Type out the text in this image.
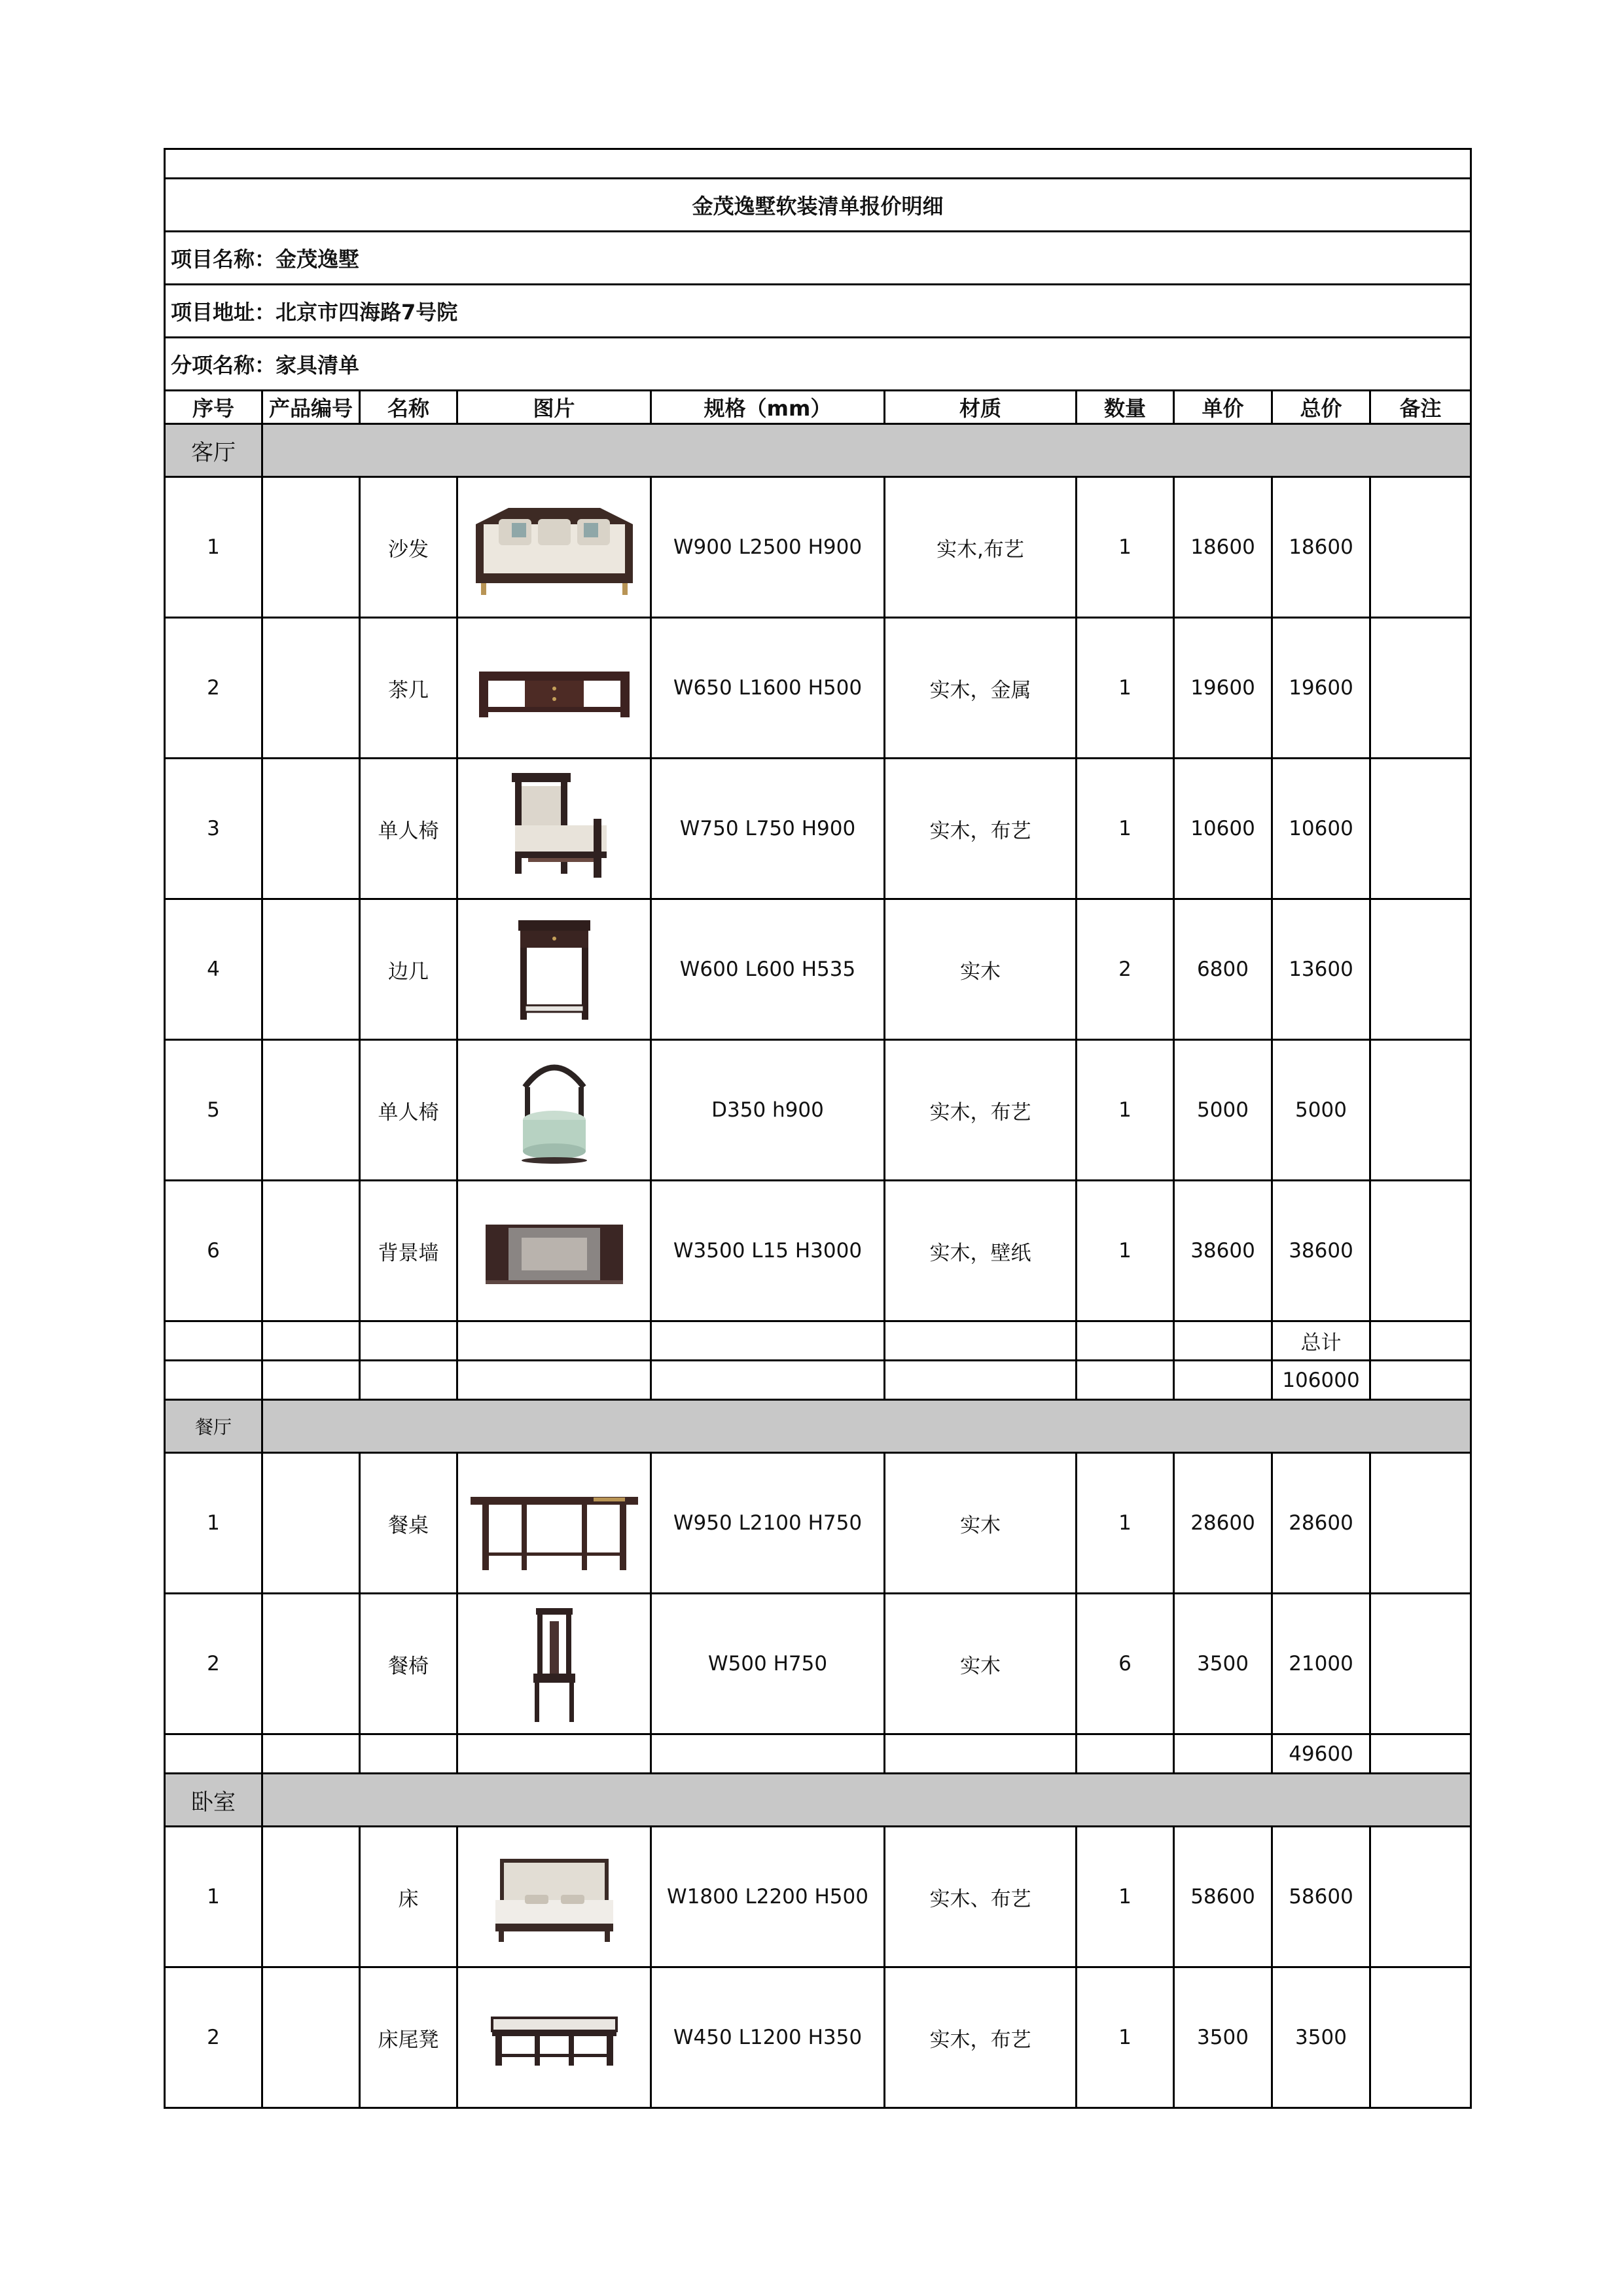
金茂逸墅软装清单报价明细									
项目名称：金茂逸墅									
项目地址：北京市四海路7号院									
分项名称：家具清单									
序号	产品编号	名称	图片	规格（mm）	材质	数量	单价	总价	备注
客厅									
1		沙发		W900 L2500 H900	实木,布艺	1	18600	18600	
2		茶几		W650 L1600 H500	实木，金属	1	19600	19600	
3		单人椅		W750 L750 H900	实木，布艺	1	10600	10600	
4		边几		W600 L600 H535	实木	2	6800	13600	
5		单人椅		D350 h900	实木，布艺	1	5000	5000	
6		背景墙		W3500 L15 H3000	实木，壁纸	1	38600	38600	
								总计	
								106000	
餐厅									
1		餐桌		W950 L2100 H750	实木	1	28600	28600	
2		餐椅		W500 H750	实木	6	3500	21000	
								49600	
卧室									
1		床		W1800 L2200 H500	实木、布艺	1	58600	58600	
2		床尾凳		W450 L1200 H350	实木，布艺	1	3500	3500	
